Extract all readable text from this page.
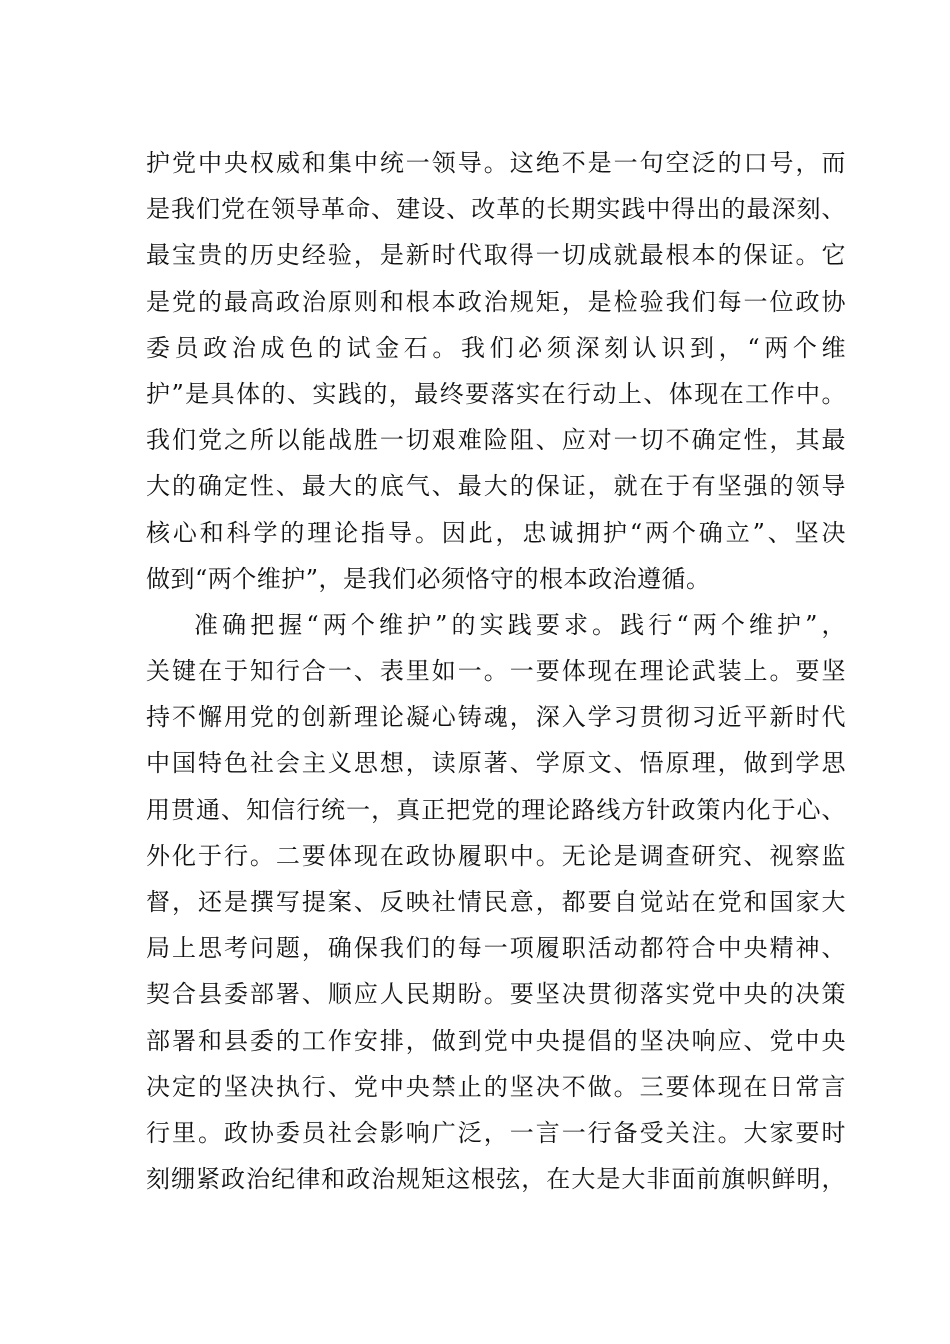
护党中央权威和集中统一领导。这绝不是一句空泛的口号，而
是我们党在领导革命、建设、改革的长期实践中得出的最深刻、
最宝贵的历史经验，是新时代取得一切成就最根本的保证。它
是党的最高政治原则和根本政治规矩，是检验我们每一位政协
委员政治成色的试金石。我们必须深刻认识到，“两个维
护”是具体的、实践的，最终要落实在行动上、体现在工作中。
我们党之所以能战胜一切艰难险阻、应对一切不确定性，其最
大的确定性、最大的底气、最大的保证，就在于有坚强的领导
核心和科学的理论指导。因此，忠诚拥护“两个确立”、坚决
做到“两个维护”，是我们必须恪守的根本政治遵循。
准确把握“两个维护”的实践要求。践行“两个维护”，
关键在于知行合一、表里如一。一要体现在理论武装上。要坚
持不懈用党的创新理论凝心铸魂，深入学习贯彻习近平新时代
中国特色社会主义思想，读原著、学原文、悟原理，做到学思
用贯通、知信行统一，真正把党的理论路线方针政策内化于心、
外化于行。二要体现在政协履职中。无论是调查研究、视察监
督，还是撰写提案、反映社情民意，都要自觉站在党和国家大
局上思考问题，确保我们的每一项履职活动都符合中央精神、
契合县委部署、顺应人民期盼。要坚决贯彻落实党中央的决策
部署和县委的工作安排，做到党中央提倡的坚决响应、党中央
决定的坚决执行、党中央禁止的坚决不做。三要体现在日常言
行里。政协委员社会影响广泛，一言一行备受关注。大家要时
刻绷紧政治纪律和政治规矩这根弦，在大是大非面前旗帜鲜明，
